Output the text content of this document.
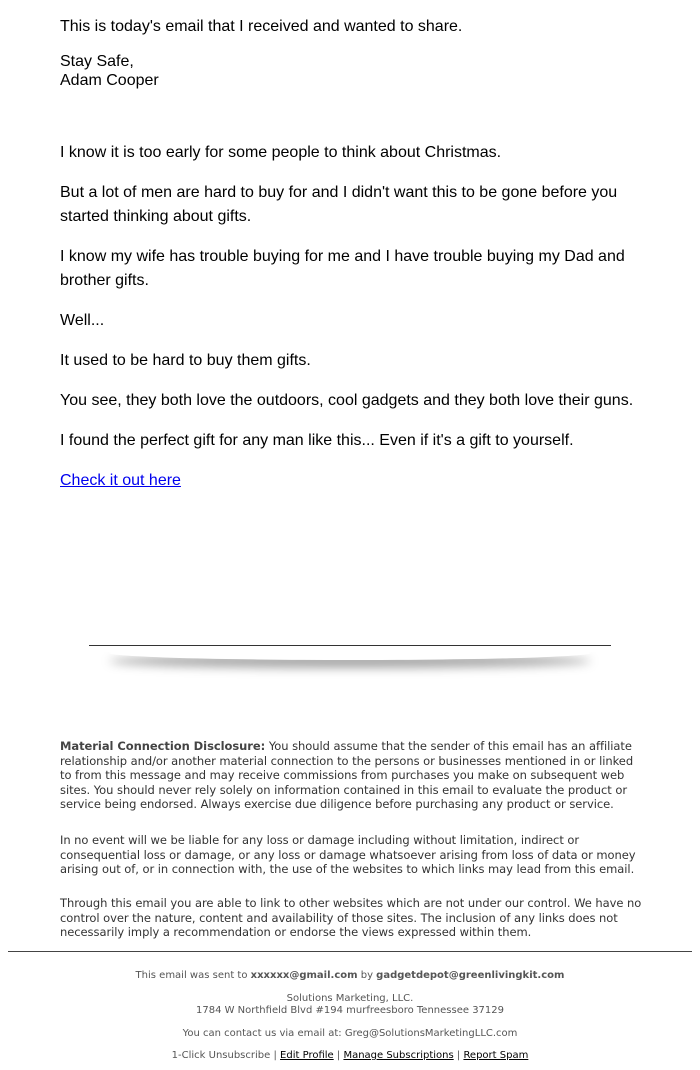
This is today's email that I received and wanted to share.

Stay Safe,
Adam Cooper

I know it is too early for some people to think about Christmas.

But a lot of men are hard to buy for and I didn't want this to be gone before you started thinking about gifts.

I know my wife has trouble buying for me and I have trouble buying my Dad and brother gifts.

Well...

It used to be hard to buy them gifts.

You see, they both love the outdoors, cool gadgets and they both love their guns.

I found the perfect gift for any man like this... Even if it's a gift to yourself.

Check it out here

Material Connection Disclosure: You should assume that the sender of this email has an affiliate relationship and/or another material connection to the persons or businesses mentioned in or linked to from this message and may receive commissions from purchases you make on subsequent web sites. You should never rely solely on information contained in this email to evaluate the product or service being endorsed. Always exercise due diligence before purchasing any product or service.

In no event will we be liable for any loss or damage including without limitation, indirect or consequential loss or damage, or any loss or damage whatsoever arising from loss of data or money arising out of, or in connection with, the use of the websites to which links may lead from this email.

Through this email you are able to link to other websites which are not under our control. We have no control over the nature, content and availability of those sites. The inclusion of any links does not necessarily imply a recommendation or endorse the views expressed within them.

This email was sent to xxxxxx@gmail.com by gadgetdepot@greenlivingkit.com

Solutions Marketing, LLC.

1784 W Northfield Blvd #194 murfreesboro Tennessee 37129

You can contact us via email at: Greg@SolutionsMarketingLLC.com

1-Click Unsubscribe | Edit Profile | Manage Subscriptions | Report Spam
